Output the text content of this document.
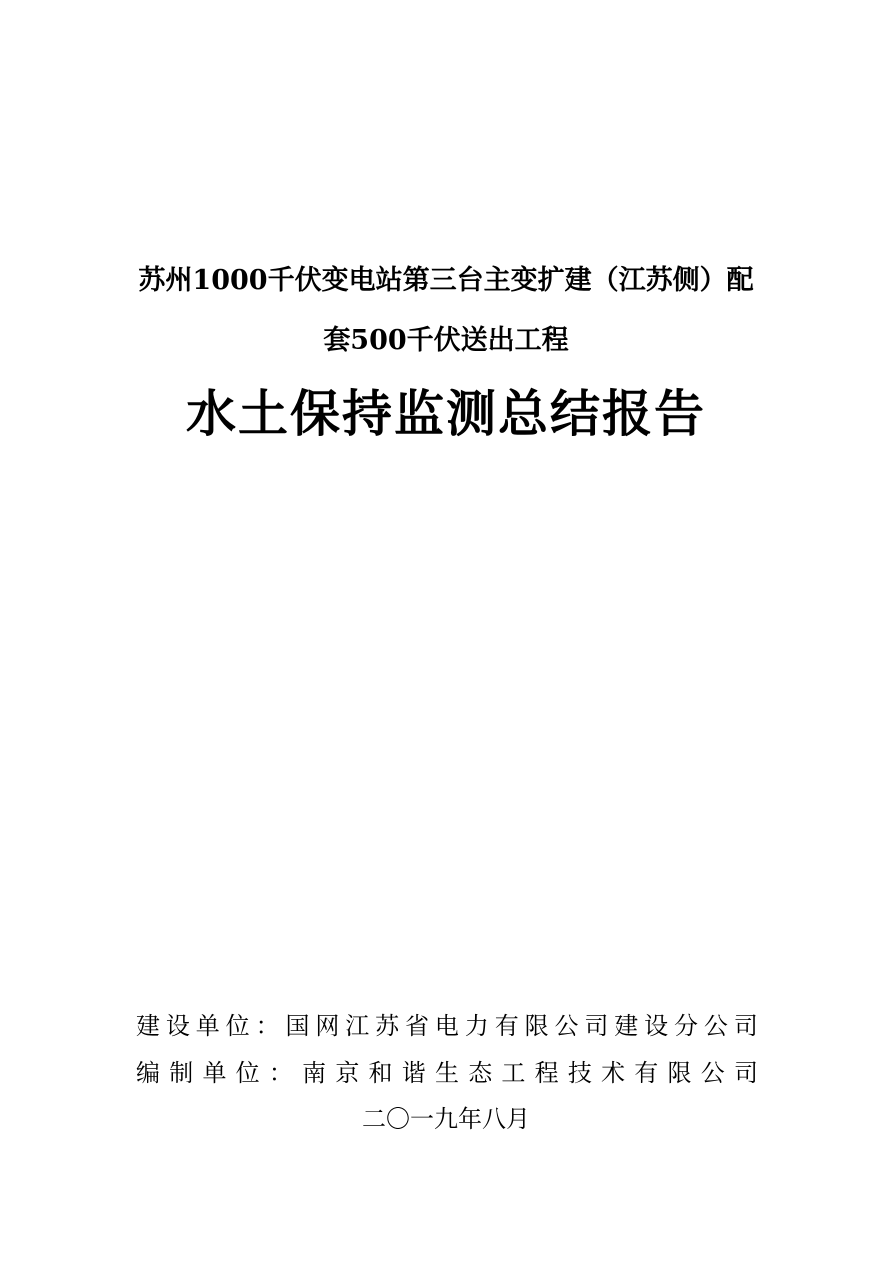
苏州1000千伏变电站第三台主变扩建（江苏侧）配
套500千伏送出工程
水土保持监测总结报告
建 设 单 位 ： 国 网 江 苏 省 电 力 有 限 公 司 建 设 分 公 司
编 制 单 位 ： 南 京 和 谐 生 态 工 程 技 术 有 限 公 司
二〇一九年八月
